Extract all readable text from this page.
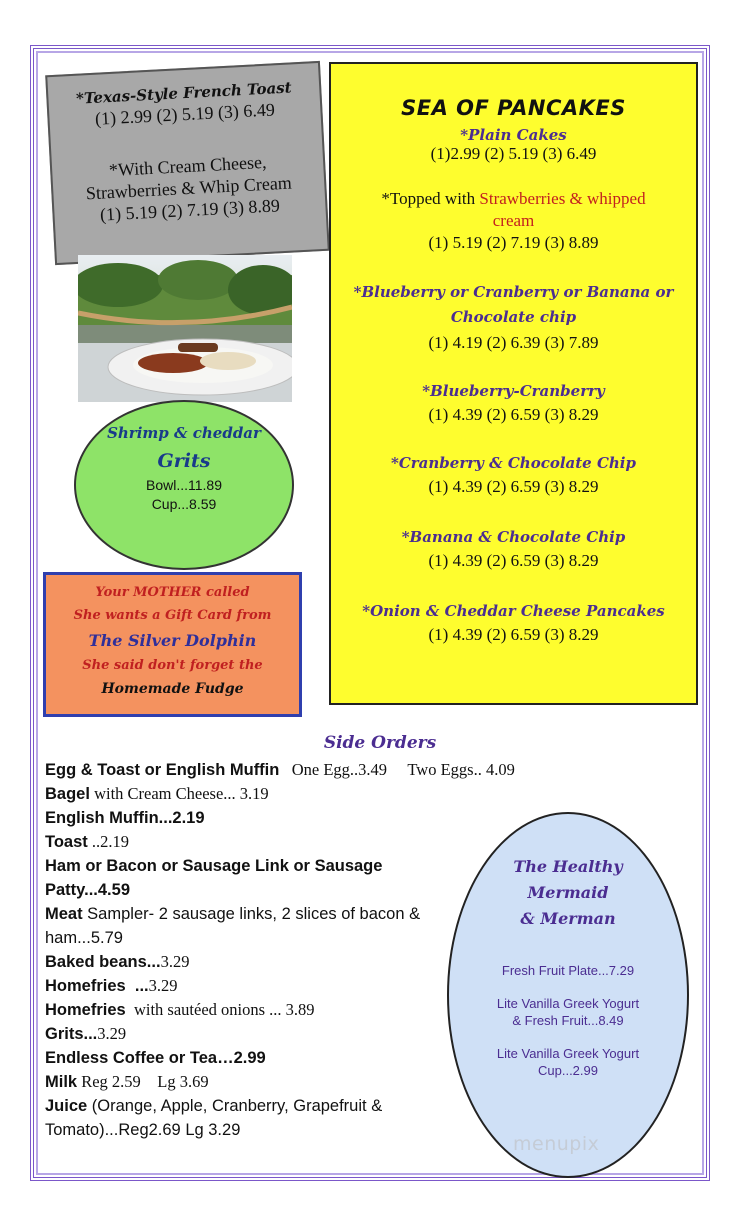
*Texas-Style French Toast
(1) 2.99 (2) 5.19 (3) 6.49
*With Cream Cheese,
Strawberries & Whip Cream
(1) 5.19 (2) 7.19 (3) 8.89
Shrimp & cheddar
Grits
Bowl...11.89
Cup...8.59
Your MOTHER called
She wants a Gift Card from
The Silver Dolphin
She said don't forget the
Homemade Fudge
SEA OF PANCAKES
*Plain Cakes
(1)2.99 (2) 5.19 (3) 6.49
*Topped with Strawberries & whipped
cream
(1) 5.19 (2) 7.19 (3) 8.89
*Blueberry or Cranberry or Banana or
Chocolate chip
(1) 4.19 (2) 6.39 (3) 7.89
*Blueberry-Cranberry
(1) 4.39 (2) 6.59 (3) 8.29
*Cranberry & Chocolate Chip
(1) 4.39 (2) 6.59 (3) 8.29
*Banana & Chocolate Chip
(1) 4.39 (2) 6.59 (3) 8.29
*Onion & Cheddar Cheese Pancakes
(1) 4.39 (2) 6.59 (3) 8.29
Side Orders
Egg & Toast or English Muffin   One Egg..3.49     Two Eggs.. 4.09
Bagel with Cream Cheese... 3.19
English Muffin...2.19
Toast ..2.19
Ham or Bacon or Sausage Link or Sausage
Patty...4.59
Meat Sampler- 2 sausage links, 2 slices of bacon &
ham...5.79
Baked beans...3.29
Homefries  ...3.29
Homefries  with sautéed onions ... 3.89
Grits...3.29
Endless Coffee or Tea…2.99
Milk Reg 2.59    Lg 3.69
Juice (Orange, Apple, Cranberry, Grapefruit &
Tomato)...Reg2.69 Lg 3.29
The Healthy
Mermaid
& Merman
Fresh Fruit Plate...7.29
Lite Vanilla Greek Yogurt
& Fresh Fruit...8.49
Lite Vanilla Greek Yogurt
Cup...2.99
menupix
